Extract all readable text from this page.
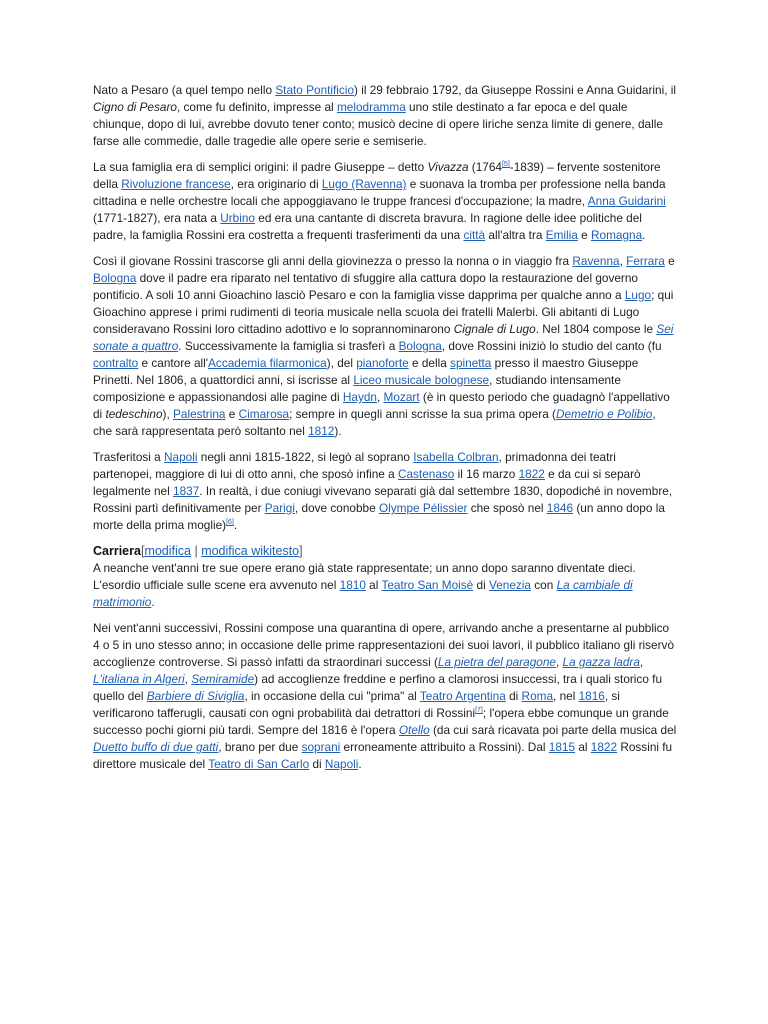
Nato a Pesaro (a quel tempo nello Stato Pontificio) il 29 febbraio 1792, da Giuseppe Rossini e Anna Guidarini, il Cigno di Pesaro, come fu definito, impresse al melodramma uno stile destinato a far epoca e del quale chiunque, dopo di lui, avrebbe dovuto tener conto; musicò decine di opere liriche senza limite di genere, dalle farse alle commedie, dalle tragedie alle opere serie e semiserie.

La sua famiglia era di semplici origini: il padre Giuseppe – detto Vivazza (1764[5]-1839) – fervente sostenitore della Rivoluzione francese, era originario di Lugo (Ravenna) e suonava la tromba per professione nella banda cittadina e nelle orchestre locali che appoggiavano le truppe francesi d'occupazione; la madre, Anna Guidarini (1771-1827), era nata a Urbino ed era una cantante di discreta bravura. In ragione delle idee politiche del padre, la famiglia Rossini era costretta a frequenti trasferimenti da una città all'altra tra Emilia e Romagna.

Così il giovane Rossini trascorse gli anni della giovinezza o presso la nonna o in viaggio fra Ravenna, Ferrara e Bologna dove il padre era riparato nel tentativo di sfuggire alla cattura dopo la restaurazione del governo pontificio. A soli 10 anni Gioachino lasciò Pesaro e con la famiglia visse dapprima per qualche anno a Lugo; qui Gioachino apprese i primi rudimenti di teoria musicale nella scuola dei fratelli Malerbi. Gli abitanti di Lugo consideravano Rossini loro cittadino adottivo e lo soprannominarono Cignale di Lugo. Nel 1804 compose le Sei sonate a quattro. Successivamente la famiglia si trasferì a Bologna, dove Rossini iniziò lo studio del canto (fu contralto e cantore all'Accademia filarmonica), del pianoforte e della spinetta presso il maestro Giuseppe Prinetti. Nel 1806, a quattordici anni, si iscrisse al Liceo musicale bolognese, studiando intensamente composizione e appassionandosi alle pagine di Haydn, Mozart (è in questo periodo che guadagnò l'appellativo di tedeschino), Palestrina e Cimarosa; sempre in quegli anni scrisse la sua prima opera (Demetrio e Polibio, che sarà rappresentata però soltanto nel 1812).

Trasferitosi a Napoli negli anni 1815-1822, si legò al soprano Isabella Colbran, primadonna dei teatri partenopei, maggiore di lui di otto anni, che sposò infine a Castenaso il 16 marzo 1822 e da cui si separò legalmente nel 1837. In realtà, i due coniugi vivevano separati già dal settembre 1830, dopodiché in novembre, Rossini partì definitivamente per Parigi, dove conobbe Olympe Pélissier che sposò nel 1846 (un anno dopo la morte della prima moglie)[6].

Carriera[modifica | modifica wikitesto]

A neanche vent'anni tre sue opere erano già state rappresentate; un anno dopo saranno diventate dieci. L'esordio ufficiale sulle scene era avvenuto nel 1810 al Teatro San Moisè di Venezia con La cambiale di matrimonio.

Nei vent'anni successivi, Rossini compose una quarantina di opere, arrivando anche a presentarne al pubblico 4 o 5 in uno stesso anno; in occasione delle prime rappresentazioni dei suoi lavori, il pubblico italiano gli riservò accoglienze controverse. Si passò infatti da straordinari successi (La pietra del paragone, La gazza ladra, L'italiana in Algeri, Semiramide) ad accoglienze freddine e perfino a clamorosi insuccessi, tra i quali storico fu quello del Barbiere di Siviglia, in occasione della cui "prima" al Teatro Argentina di Roma, nel 1816, si verificarono tafferugli, causati con ogni probabilità dai detrattori di Rossini[7]; l'opera ebbe comunque un grande successo pochi giorni più tardi. Sempre del 1816 è l'opera Otello (da cui sarà ricavata poi parte della musica del Duetto buffo di due gatti, brano per due soprani erroneamente attribuito a Rossini). Dal 1815 al 1822 Rossini fu direttore musicale del Teatro di San Carlo di Napoli.
